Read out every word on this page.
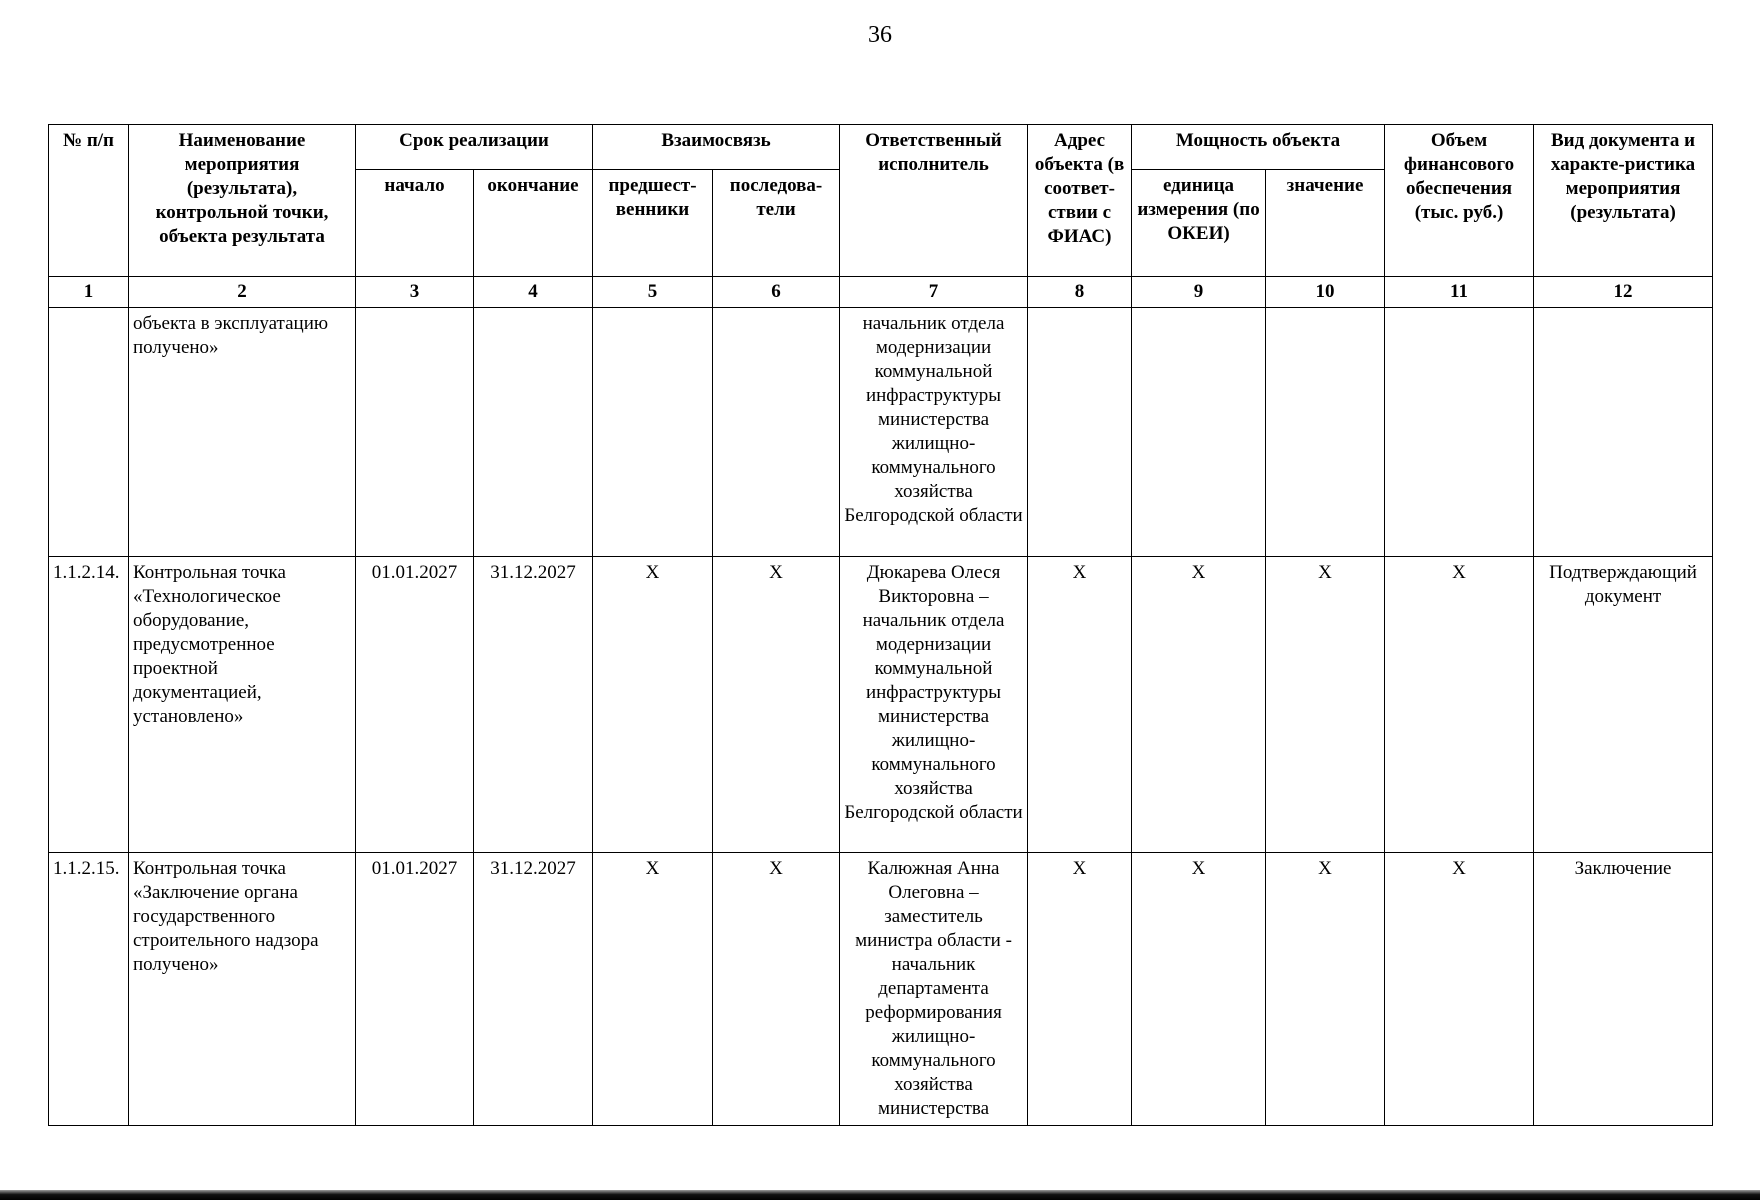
36
№ п/п	Наименование мероприятия (результата), контрольной точки, объекта результата	Срок реализации		Взаимосвязь		Ответственный исполнитель	Адрес объекта (в соответ-ствии с ФИАС)	Мощность объекта		Объем финансового обеспечения (тыс. руб.)	Вид документа и характе-ристика мероприятия (результата)
		начало	окончание	предшест-венники	последова-тели			единица измерения (по ОКЕИ)	значение		
1	2	3	4	5	6	7	8	9	10	11	12
	объекта в эксплуатацию получено»					начальник отдела модернизации коммунальной инфраструктуры министерства жилищно-коммунального хозяйства Белгородской области					
1.1.2.14.	Контрольная точка «Технологическое оборудование, предусмотренное проектной документацией, установлено»	01.01.2027	31.12.2027	X	X	Дюкарева Олеся Викторовна – начальник отдела модернизации коммунальной инфраструктуры министерства жилищно-коммунального хозяйства Белгородской области	X	X	X	X	Подтверждающий документ
1.1.2.15.	Контрольная точка «Заключение органа государственного строительного надзора получено»	01.01.2027	31.12.2027	X	X	Калюжная Анна Олеговна – заместитель министра области - начальник департамента реформирования жилищно-коммунального хозяйства министерства	X	X	X	X	Заключение
